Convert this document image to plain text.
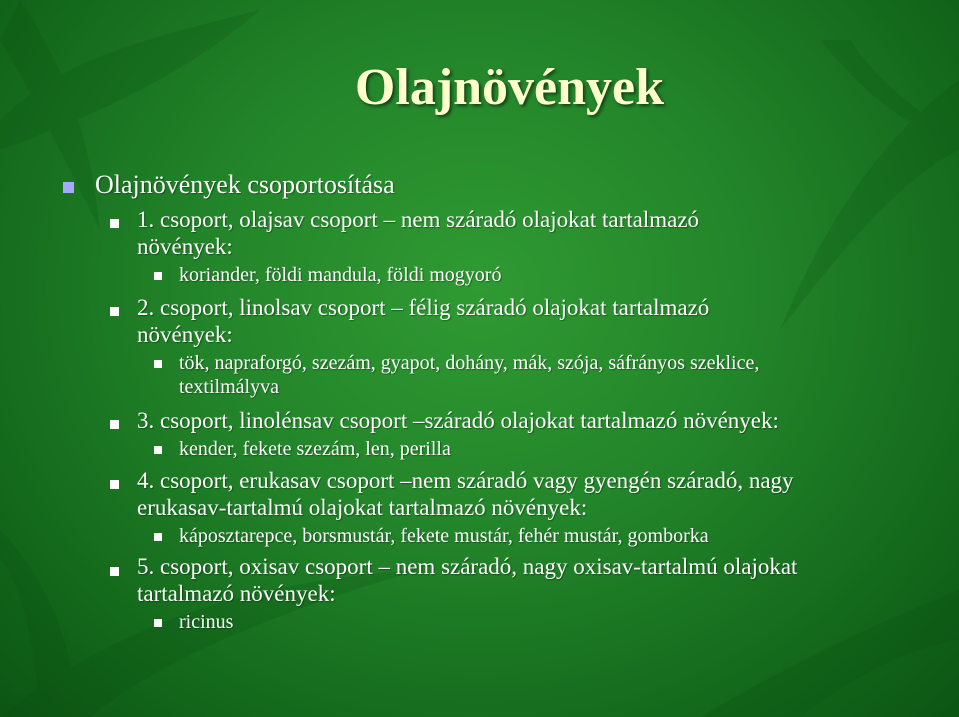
Olajnövények
Olajnövények csoportosítása
1. csoport, olajsav csoport – nem száradó olajokat tartalmazó
növények:
koriander, földi mandula, földi mogyoró
2. csoport, linolsav csoport – félig száradó olajokat tartalmazó
növények:
tök, napraforgó, szezám, gyapot, dohány, mák, szója, sáfrányos szeklice,
textilmályva
3. csoport, linolénsav csoport –száradó olajokat tartalmazó növények:
kender, fekete szezám, len, perilla
4. csoport, erukasav csoport –nem száradó vagy gyengén száradó, nagy
erukasav-tartalmú olajokat tartalmazó növények:
káposztarepce, borsmustár, fekete mustár, fehér mustár, gomborka
5. csoport, oxisav csoport – nem száradó, nagy oxisav-tartalmú olajokat
tartalmazó növények:
ricinus
